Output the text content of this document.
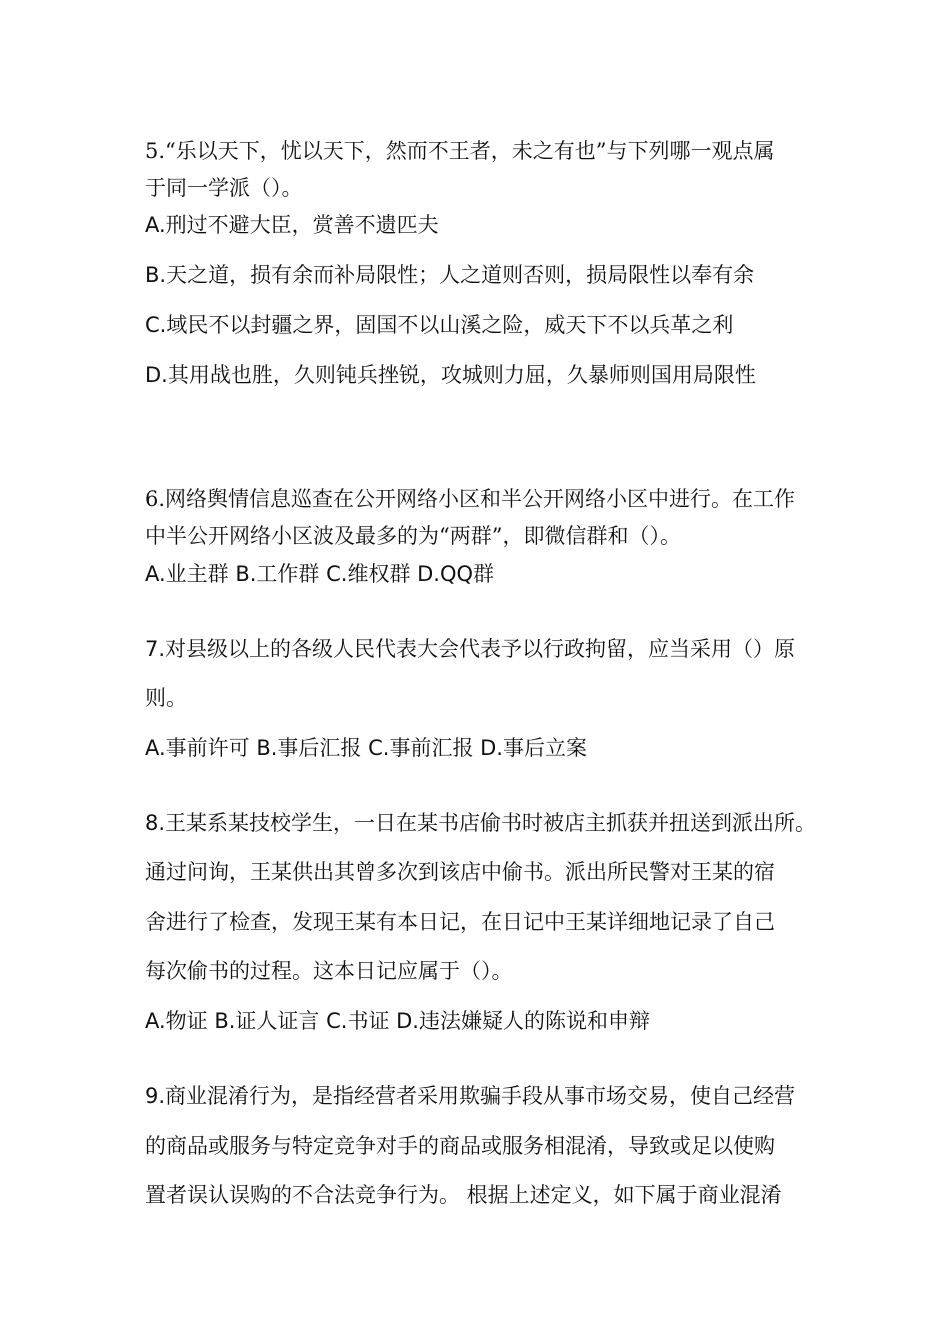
5.“乐以天下，忧以天下，然而不王者，未之有也”与下列哪一观点属
于同一学派（）。
A.刑过不避大臣，赏善不遗匹夫
B.天之道，损有余而补局限性；人之道则否则，损局限性以奉有余
C.域民不以封疆之界，固国不以山溪之险，威天下不以兵革之利
D.其用战也胜，久则钝兵挫锐，攻城则力屈，久暴师则国用局限性
6.网络舆情信息巡查在公开网络小区和半公开网络小区中进行。在工作
中半公开网络小区波及最多的为“两群”，即微信群和（）。
A.业主群 B.工作群 C.维权群 D.QQ群
7.对县级以上的各级人民代表大会代表予以行政拘留，应当采用（）原
则。
A.事前许可 B.事后汇报 C.事前汇报 D.事后立案
8.王某系某技校学生，一日在某书店偷书时被店主抓获并扭送到派出所。
通过问询，王某供出其曾多次到该店中偷书。派出所民警对王某的宿
舍进行了检查，发现王某有本日记，在日记中王某详细地记录了自己
每次偷书的过程。这本日记应属于（）。
A.物证 B.证人证言 C.书证 D.违法嫌疑人的陈说和申辩
9.商业混淆行为，是指经营者采用欺骗手段从事市场交易，使自己经营
的商品或服务与特定竞争对手的商品或服务相混淆，导致或足以使购
置者误认误购的不合法竞争行为。 根据上述定义，如下属于商业混淆
